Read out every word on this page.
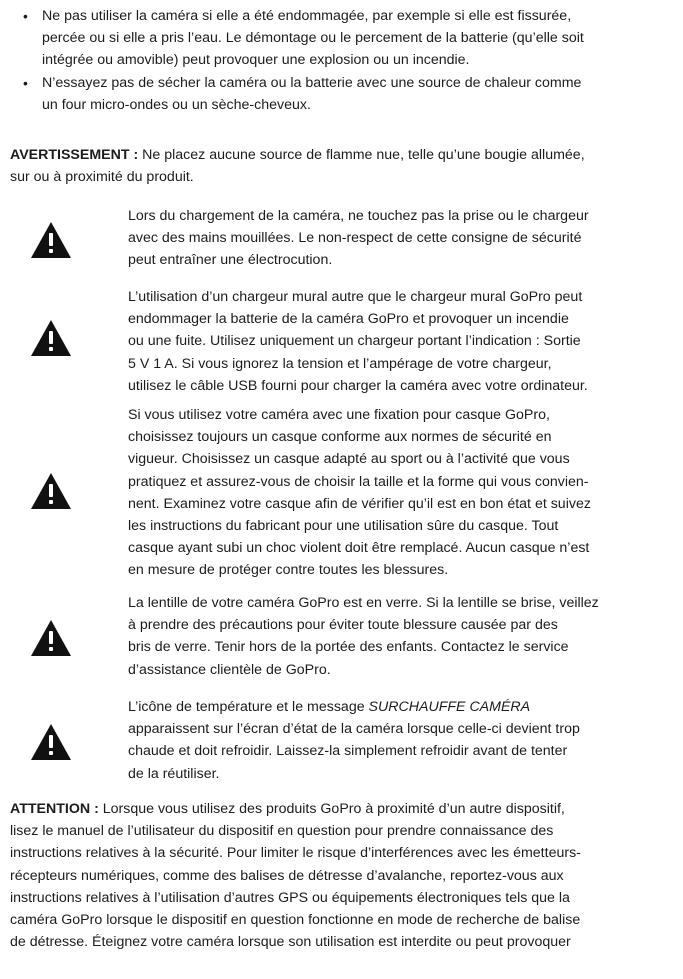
• Ne pas utiliser la caméra si elle a été endommagée, par exemple si elle est fissurée,
percée ou si elle a pris l’eau. Le démontage ou le percement de la batterie (qu’elle soit
intégrée ou amovible) peut provoquer une explosion ou un incendie.
• N’essayez pas de sécher la caméra ou la batterie avec une source de chaleur comme
un four micro-ondes ou un sèche-cheveux.
AVERTISSEMENT : Ne placez aucune source de flamme nue, telle qu’une bougie allumée,
sur ou à proximité du produit.
Lors du chargement de la caméra, ne touchez pas la prise ou le chargeur
avec des mains mouillées. Le non-respect de cette consigne de sécurité
peut entraîner une électrocution.
L’utilisation d’un chargeur mural autre que le chargeur mural GoPro peut
endommager la batterie de la caméra GoPro et provoquer un incendie
ou une fuite. Utilisez uniquement un chargeur portant l’indication : Sortie
5 V 1 A. Si vous ignorez la tension et l’ampérage de votre chargeur,
utilisez le câble USB fourni pour charger la caméra avec votre ordinateur.
Si vous utilisez votre caméra avec une fixation pour casque GoPro,
choisissez toujours un casque conforme aux normes de sécurité en
vigueur. Choisissez un casque adapté au sport ou à l’activité que vous
pratiquez et assurez-vous de choisir la taille et la forme qui vous convien-
nent. Examinez votre casque afin de vérifier qu’il est en bon état et suivez
les instructions du fabricant pour une utilisation sûre du casque. Tout
casque ayant subi un choc violent doit être remplacé. Aucun casque n’est
en mesure de protéger contre toutes les blessures.
La lentille de votre caméra GoPro est en verre. Si la lentille se brise, veillez
à prendre des précautions pour éviter toute blessure causée par des
bris de verre. Tenir hors de la portée des enfants. Contactez le service
d’assistance clientèle de GoPro.
L’icône de température et le message SURCHAUFFE CAMÉRA
apparaissent sur l’écran d’état de la caméra lorsque celle-ci devient trop
chaude et doit refroidir. Laissez-la simplement refroidir avant de tenter
de la réutiliser.
ATTENTION : Lorsque vous utilisez des produits GoPro à proximité d’un autre dispositif,
lisez le manuel de l’utilisateur du dispositif en question pour prendre connaissance des
instructions relatives à la sécurité. Pour limiter le risque d’interférences avec les émetteurs-
récepteurs numériques, comme des balises de détresse d’avalanche, reportez-vous aux
instructions relatives à l’utilisation d’autres GPS ou équipements électroniques tels que la
caméra GoPro lorsque le dispositif en question fonctionne en mode de recherche de balise
de détresse. Éteignez votre caméra lorsque son utilisation est interdite ou peut provoquer
